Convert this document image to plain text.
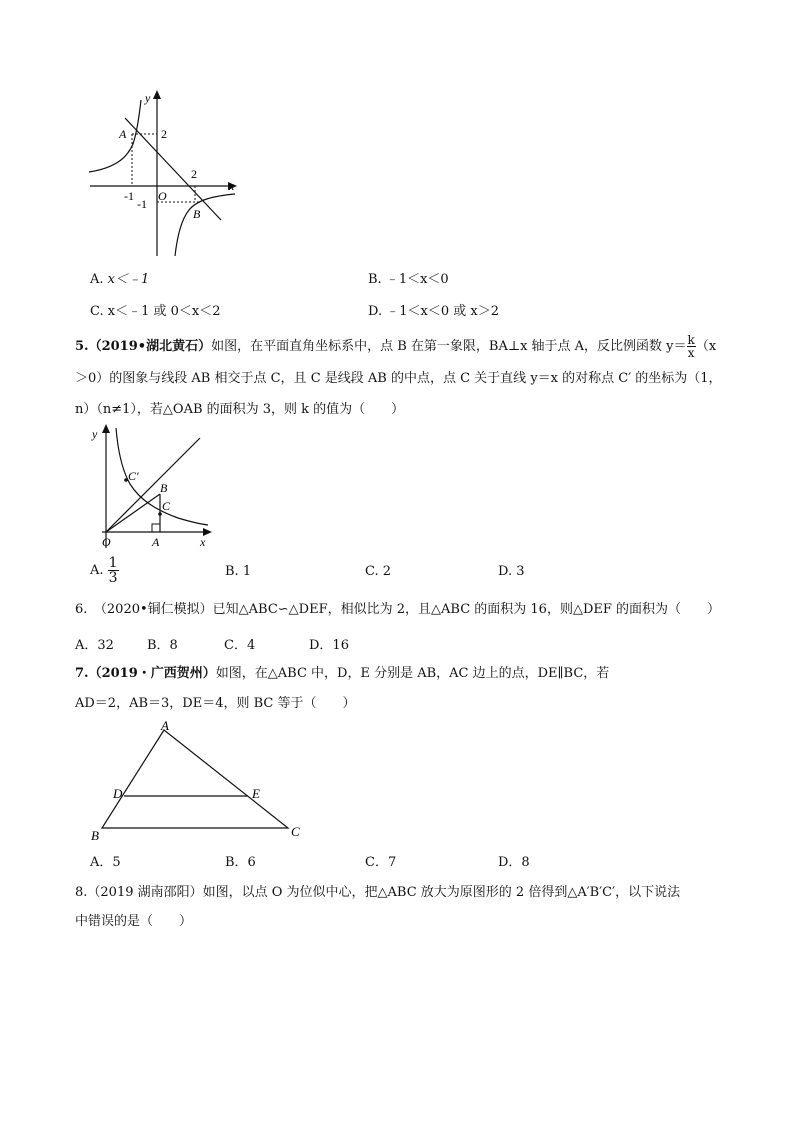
y
x
A
B
O
2
2
-1
-1
A. x＜﹣1	B. ﹣1＜x＜0
C. x＜﹣1 或 0＜x＜2	D. ﹣1＜x＜0 或 x＞2
5.（2019•湖北黄石）如图，在平面直角坐标系中，点 B 在第一象限，BA⊥x 轴于点 A，反比例函数 $y= \frac{k}{x} (x$
＞0）的图象与线段 AB 相交于点 C，且 C 是线段 AB 的中点，点 C 关于直线 y＝x 的对称点 C′ 的坐标为（1，
n）（n≠1），若△OAB 的面积为 3，则 k 的值为（　　）
y
x
O	A
B
C
C′
A. $\frac{1}{3}$	B. 1	C. 2	D. 3
6.　（2020•铜仁模拟）已知△ABC∽△DEF，相似比为 2，且△ABC 的面积为 16，则△DEF 的面积为（　　）
A．32	B．8	C．4	D．16
7.（2019・广西贺州）如图，在△ABC 中，D，E 分别是 AB，AC 边上的点，DE∥BC，若
AD＝2，AB＝3，DE＝4，则 BC 等于（　　）
A
B	C
D	E
A．5	B．6	C．7	D．8
8.（2019 湖南邵阳）如图，以点 O 为位似中心，把△ABC 放大为原图形的 2 倍得到△A′B′C′，以下说法
中错误的是（　　）
